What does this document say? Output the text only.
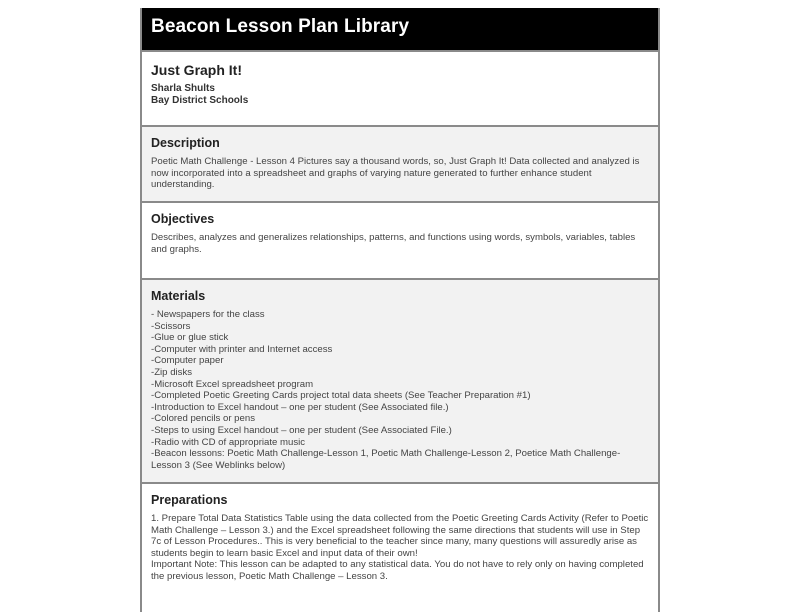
Beacon Lesson Plan Library
Just Graph It!
Sharla Shults
Bay District Schools
Description
Poetic Math Challenge - Lesson 4 Pictures say a thousand words, so, Just Graph It! Data collected and analyzed is now incorporated into a spreadsheet and graphs of varying nature generated to further enhance student understanding.
Objectives
Describes, analyzes and generalizes relationships, patterns, and functions using words, symbols, variables, tables and graphs.
Materials
- Newspapers for the class
-Scissors
-Glue or glue stick
-Computer with printer and Internet access
-Computer paper
-Zip disks
-Microsoft Excel spreadsheet program
-Completed Poetic Greeting Cards project total data sheets (See Teacher Preparation #1)
-Introduction to Excel handout – one per student (See Associated file.)
-Colored pencils or pens
-Steps to using Excel handout – one per student (See Associated File.)
-Radio with CD of appropriate music
-Beacon lessons: Poetic Math Challenge-Lesson 1, Poetic Math Challenge-Lesson 2, Poetice Math Challenge-Lesson 3 (See Weblinks below)
Preparations
1. Prepare Total Data Statistics Table using the data collected from the Poetic Greeting Cards Activity (Refer to Poetic Math Challenge – Lesson 3.) and the Excel spreadsheet following the same directions that students will use in Step 7c of Lesson Procedures.. This is very beneficial to the teacher since many, many questions will assuredly arise as students begin to learn basic Excel and input data of their own!
Important Note: This lesson can be adapted to any statistical data. You do not have to rely only on having completed the previous lesson, Poetic Math Challenge – Lesson 3.
